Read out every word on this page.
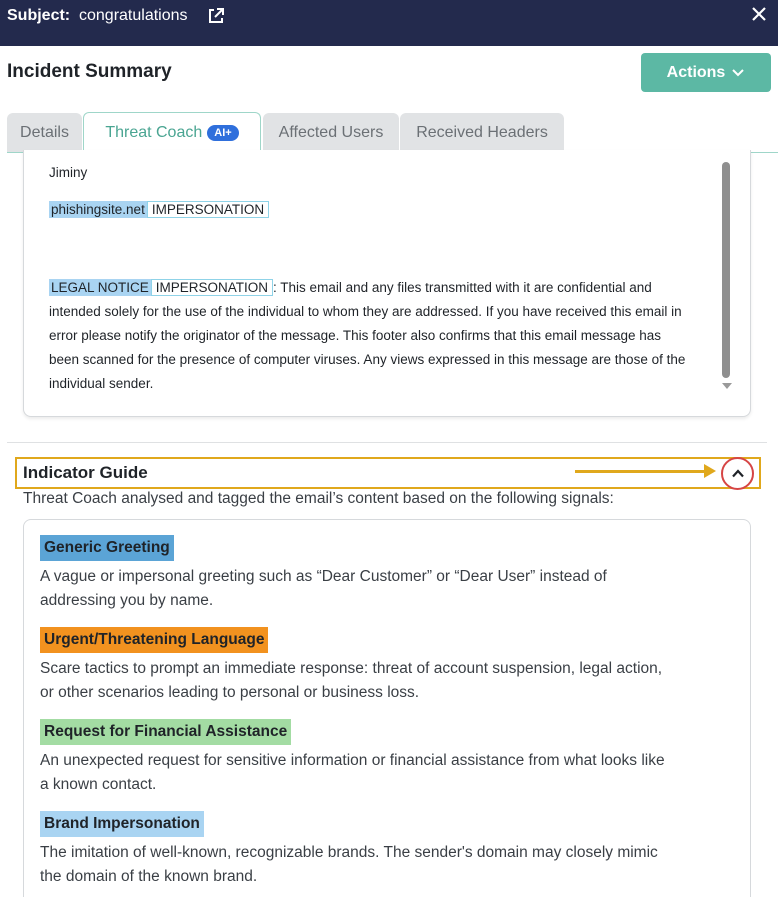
Subject: congratulations
Incident Summary	Actions
Details Threat Coach	AI+	Affected Users Received Headers
Jiminy
phishingsite.net IMPERSONATION
LEGAL NOTICE IMPERSONATION : This email and any files transmitted with it are confidential and
intended solely for the use of the individual to whom they are addressed. If you have received this email in
error please notify the originator of the message. This footer also confirms that this email message has
been scanned for the presence of computer viruses. Any views expressed in this message are those of the
individual sender.
Indicator Guide
Threat Coach analysed and tagged the email’s content based on the following signals:
Generic Greeting
A vague or impersonal greeting such as “Dear Customer” or “Dear User” instead of
addressing you by name.
Urgent/Threatening Language
Scare tactics to prompt an immediate response: threat of account suspension, legal action,
or other scenarios leading to personal or business loss.
Request for Financial Assistance
An unexpected request for sensitive information or financial assistance from what looks like
a known contact.
Brand Impersonation
The imitation of well-known, recognizable brands. The sender's domain may closely mimic
the domain of the known brand.
